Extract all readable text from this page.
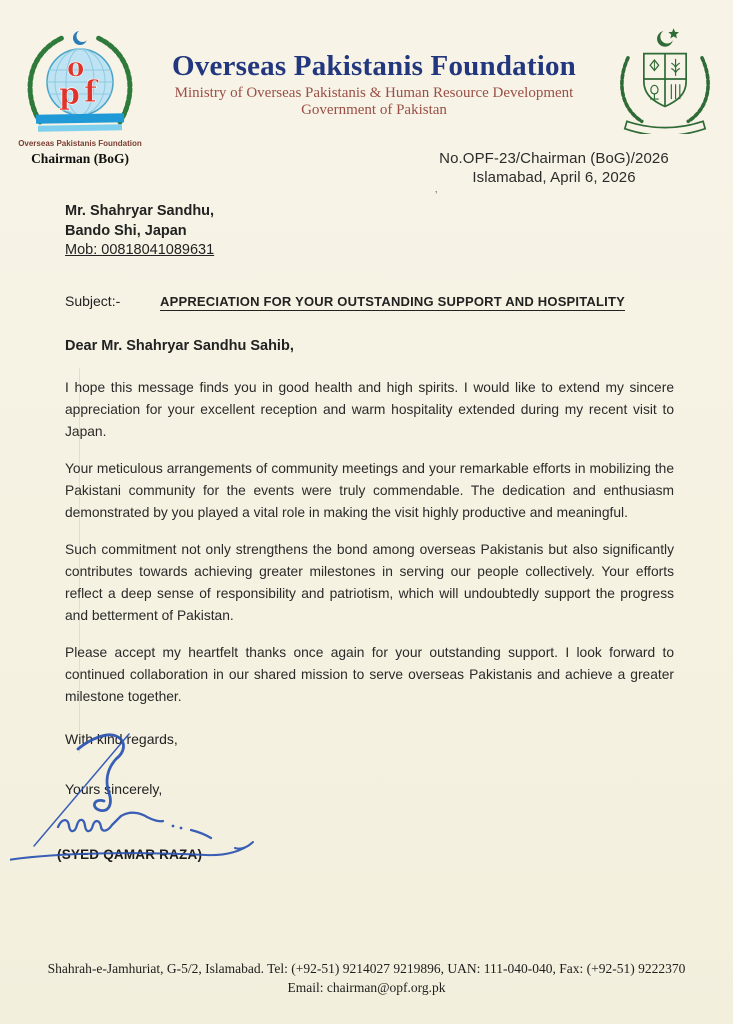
o
p f
Overseas Pakistanis Foundation
Chairman (BoG)
Overseas Pakistanis Foundation
Ministry of Overseas Pakistanis & Human Resource Development
Government of Pakistan
No.OPF-23/Chairman (BoG)/2026
Islamabad, April 6, 2026
ʼ
Mr. Shahryar Sandhu,
Bando Shi, Japan
Mob: 00818041089631
Subject:-	APPRECIATION FOR YOUR OUTSTANDING SUPPORT AND HOSPITALITY
Dear Mr. Shahryar Sandhu Sahib,

I hope this message finds you in good health and high spirits. I would like to extend my sincere appreciation for your excellent reception and warm hospitality extended during my recent visit to Japan.

Your meticulous arrangements of community meetings and your remarkable efforts in mobilizing the Pakistani community for the events were truly commendable. The dedication and enthusiasm demonstrated by you played a vital role in making the visit highly productive and meaningful.

Such commitment not only strengthens the bond among overseas Pakistanis but also significantly contributes towards achieving greater milestones in serving our people collectively. Your efforts reflect a deep sense of responsibility and patriotism, which will undoubtedly support the progress and betterment of Pakistan.

Please accept my heartfelt thanks once again for your outstanding support. I look forward to continued collaboration in our shared mission to serve overseas Pakistanis and achieve a greater milestone together.

With kind regards,
Yours sincerely,
(SYED QAMAR RAZA)
Shahrah-e-Jamhuriat, G-5/2, Islamabad. Tel: (+92-51) 9214027 9219896, UAN: 111-040-040, Fax: (+92-51) 9222370
Email: chairman@opf.org.pk
